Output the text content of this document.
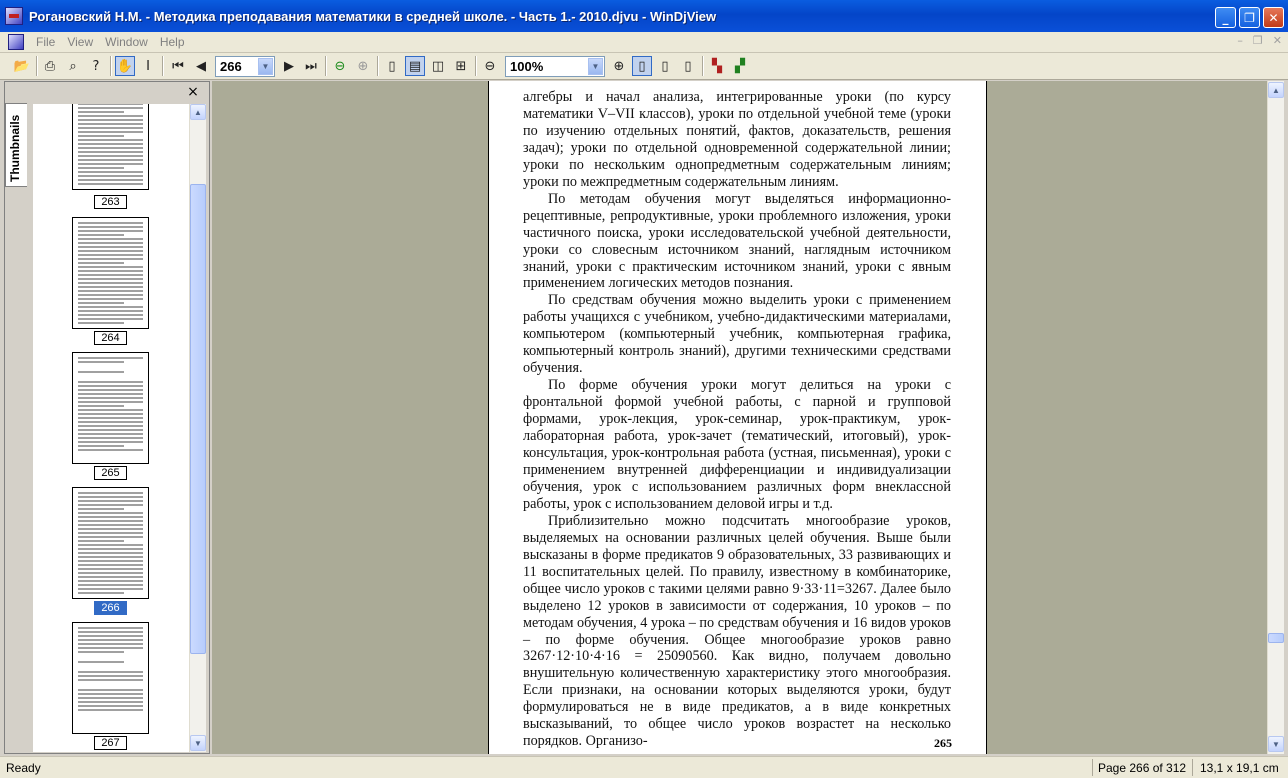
Рогановский Н.М. - Методика преподавания математики в средней школе. - Часть 1.- 2010.djvu - WinDjView	_ ❐ ✕
File	View	Window	Help	– ❐ ✕
📂	⎙	⌕	?	✋ I	⏮ ◀	266	▼	▶ ⏭	⊖ ⊕	▯	▤ ◫ ⊞	⊖	100%	▼	⊕	▯	▯	▯	▚	▞
Thumbnails
×
263
264
265
266
267
▲
▼

алгебры и начал анализа, интегрированные уроки (по курсу математики V–VII классов), уроки по отдельной учебной теме (уроки по изучению отдельных понятий, фактов, доказательств, решения задач); уроки по отдельной одновременной содержательной линии; уроки по нескольким однопредметным содержательным линиям; уроки по межпредметным содержательным линиям.

По методам обучения могут выделяться информационно-рецептивные, репродуктивные, уроки проблемного изложения, уроки частичного поиска, уроки исследовательской учебной деятельности, уроки со словесным источником знаний, наглядным источником знаний, уроки с практическим источником знаний, уроки с явным применением логических методов познания.

По средствам обучения можно выделить уроки с применением работы учащихся с учебником, учебно-дидактическими материалами, компьютером (компьютерный учебник, компьютерная графика, компьютерный контроль знаний), другими техническими средствами обучения.

По форме обучения уроки могут делиться на уроки с фронтальной формой учебной работы, с парной и групповой формами, урок-лекция, урок-семинар, урок-практикум, урок-лабораторная работа, урок-зачет (тематический, итоговый), урок-консультация, урок-контрольная работа (устная, письменная), уроки с применением внутренней дифференциации и индивидуализации обучения, урок с использованием различных форм внеклассной работы, урок с использованием деловой игры и т.д.

Приблизительно можно подсчитать многообразие уроков, выделяемых на основании различных целей обучения. Выше были высказаны в форме предикатов 9 образовательных, 33 развивающих и 11 воспитательных целей. По правилу, известному в комбинаторике, общее число уроков с такими целями равно 9·33·11=3267. Далее было выделено 12 уроков в зависимости от содержания, 10 уроков – по методам обучения, 4 урока – по средствам обучения и 16 видов уроков – по форме обучения. Общее многообразие уроков равно 3267·12·10·4·16 = 25090560. Как видно, получаем довольно внушительную количественную характеристику этого многообразия. Если признаки, на основании которых выделяются уроки, будут формулироваться не в виде предикатов, а в виде конкретных высказываний, то общее число уроков возрастет на несколько порядков. Организо-	265
▲
▼
Ready	Page 266 of 312 13,1 x 19,1 cm
